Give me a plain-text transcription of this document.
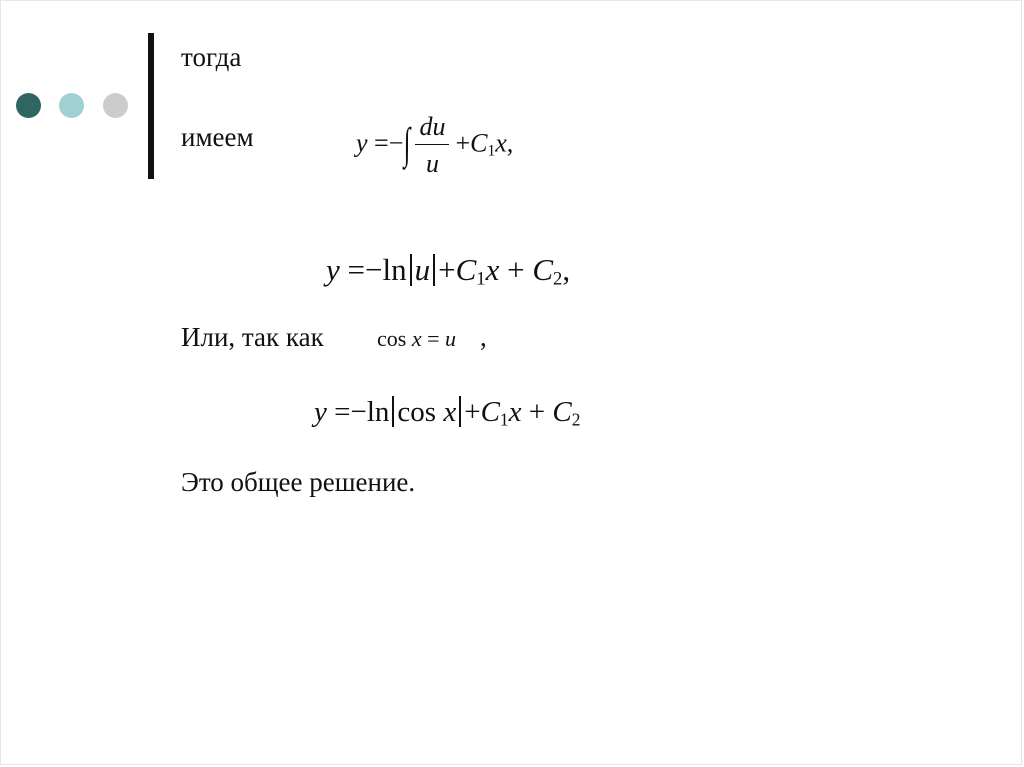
тогда
имеем	y =−∫ $\frac{du}{u} +C_1x$,
y =−ln $u +C_1x + C_2$,
Или, так как cos x = u ,
y =−ln $\cos x +C_1x + C_2$
Это общее решение.
